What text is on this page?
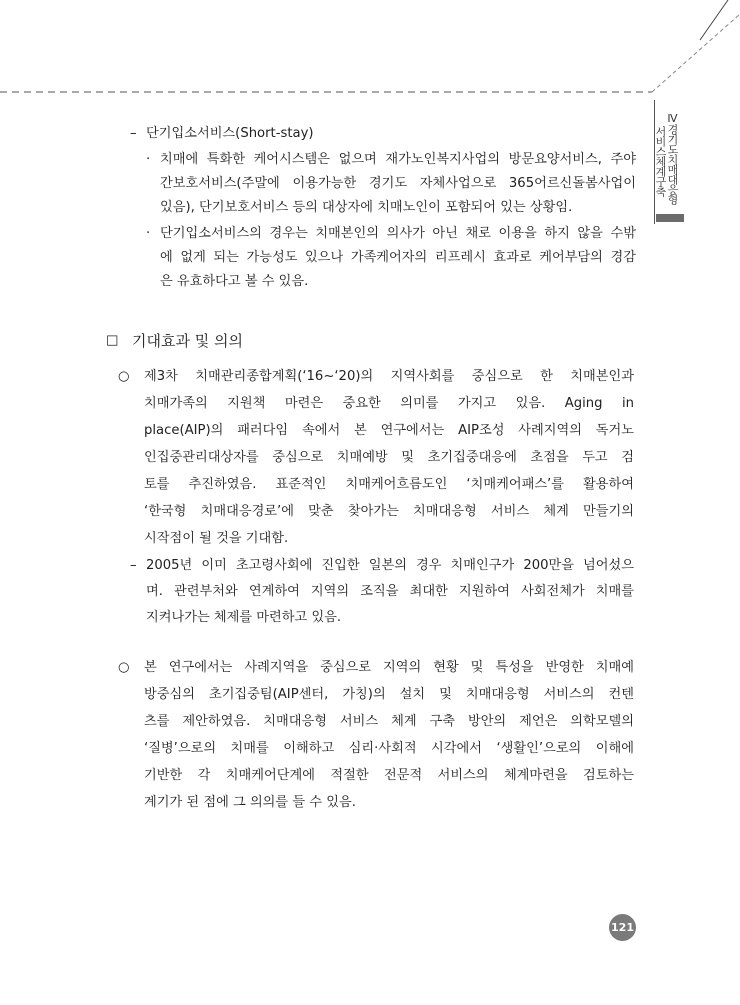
Ⅳ경기도치매대응형
서비스체계구축
– 단기입소서비스(Short-stay)
· 치매에 특화한 케어시스템은 없으며 재가노인복지사업의 방문요양서비스, 주야
간보호서비스(주말에 이용가능한 경기도 자체사업으로 365어르신돌봄사업이
있음), 단기보호서비스 등의 대상자에 치매노인이 포함되어 있는 상황임.
· 단기입소서비스의 경우는 치매본인의 의사가 아닌 채로 이용을 하지 않을 수밖
에 없게 되는 가능성도 있으나 가족케어자의 리프레시 효과로 케어부담의 경감
은 유효하다고 볼 수 있음.
□ 기대효과 및 의의
○ 제3차 치매관리종합계획(‘16~‘20)의 지역사회를 중심으로 한 치매본인과
치매가족의 지원책 마련은 중요한 의미를 가지고 있음. Aging in
place(AIP)의 패러다임 속에서 본 연구에서는 AIP조성 사례지역의 독거노
인집중관리대상자를 중심으로 치매예방 및 초기집중대응에 초점을 두고 검
토를 추진하였음. 표준적인 치매케어흐름도인 ‘치매케어패스’를 활용하여
‘한국형 치매대응경로’에 맞춘 찾아가는 치매대응형 서비스 체계 만들기의
시작점이 될 것을 기대함.
– 2005년 이미 초고령사회에 진입한 일본의 경우 치매인구가 200만을 넘어섰으
며. 관련부처와 연계하여 지역의 조직을 최대한 지원하여 사회전체가 치매를
지켜나가는 체제를 마련하고 있음.
○ 본 연구에서는 사례지역을 중심으로 지역의 현황 및 특성을 반영한 치매예
방중심의 초기집중팀(AIP센터, 가칭)의 설치 및 치매대응형 서비스의 컨텐
츠를 제안하였음. 치매대응형 서비스 체계 구축 방안의 제언은 의학모델의
‘질병’으로의 치매를 이해하고 심리·사회적 시각에서 ‘생활인’으로의 이해에
기반한 각 치매케어단계에 적절한 전문적 서비스의 체계마련을 검토하는
계기가 된 점에 그 의의를 들 수 있음.
121
